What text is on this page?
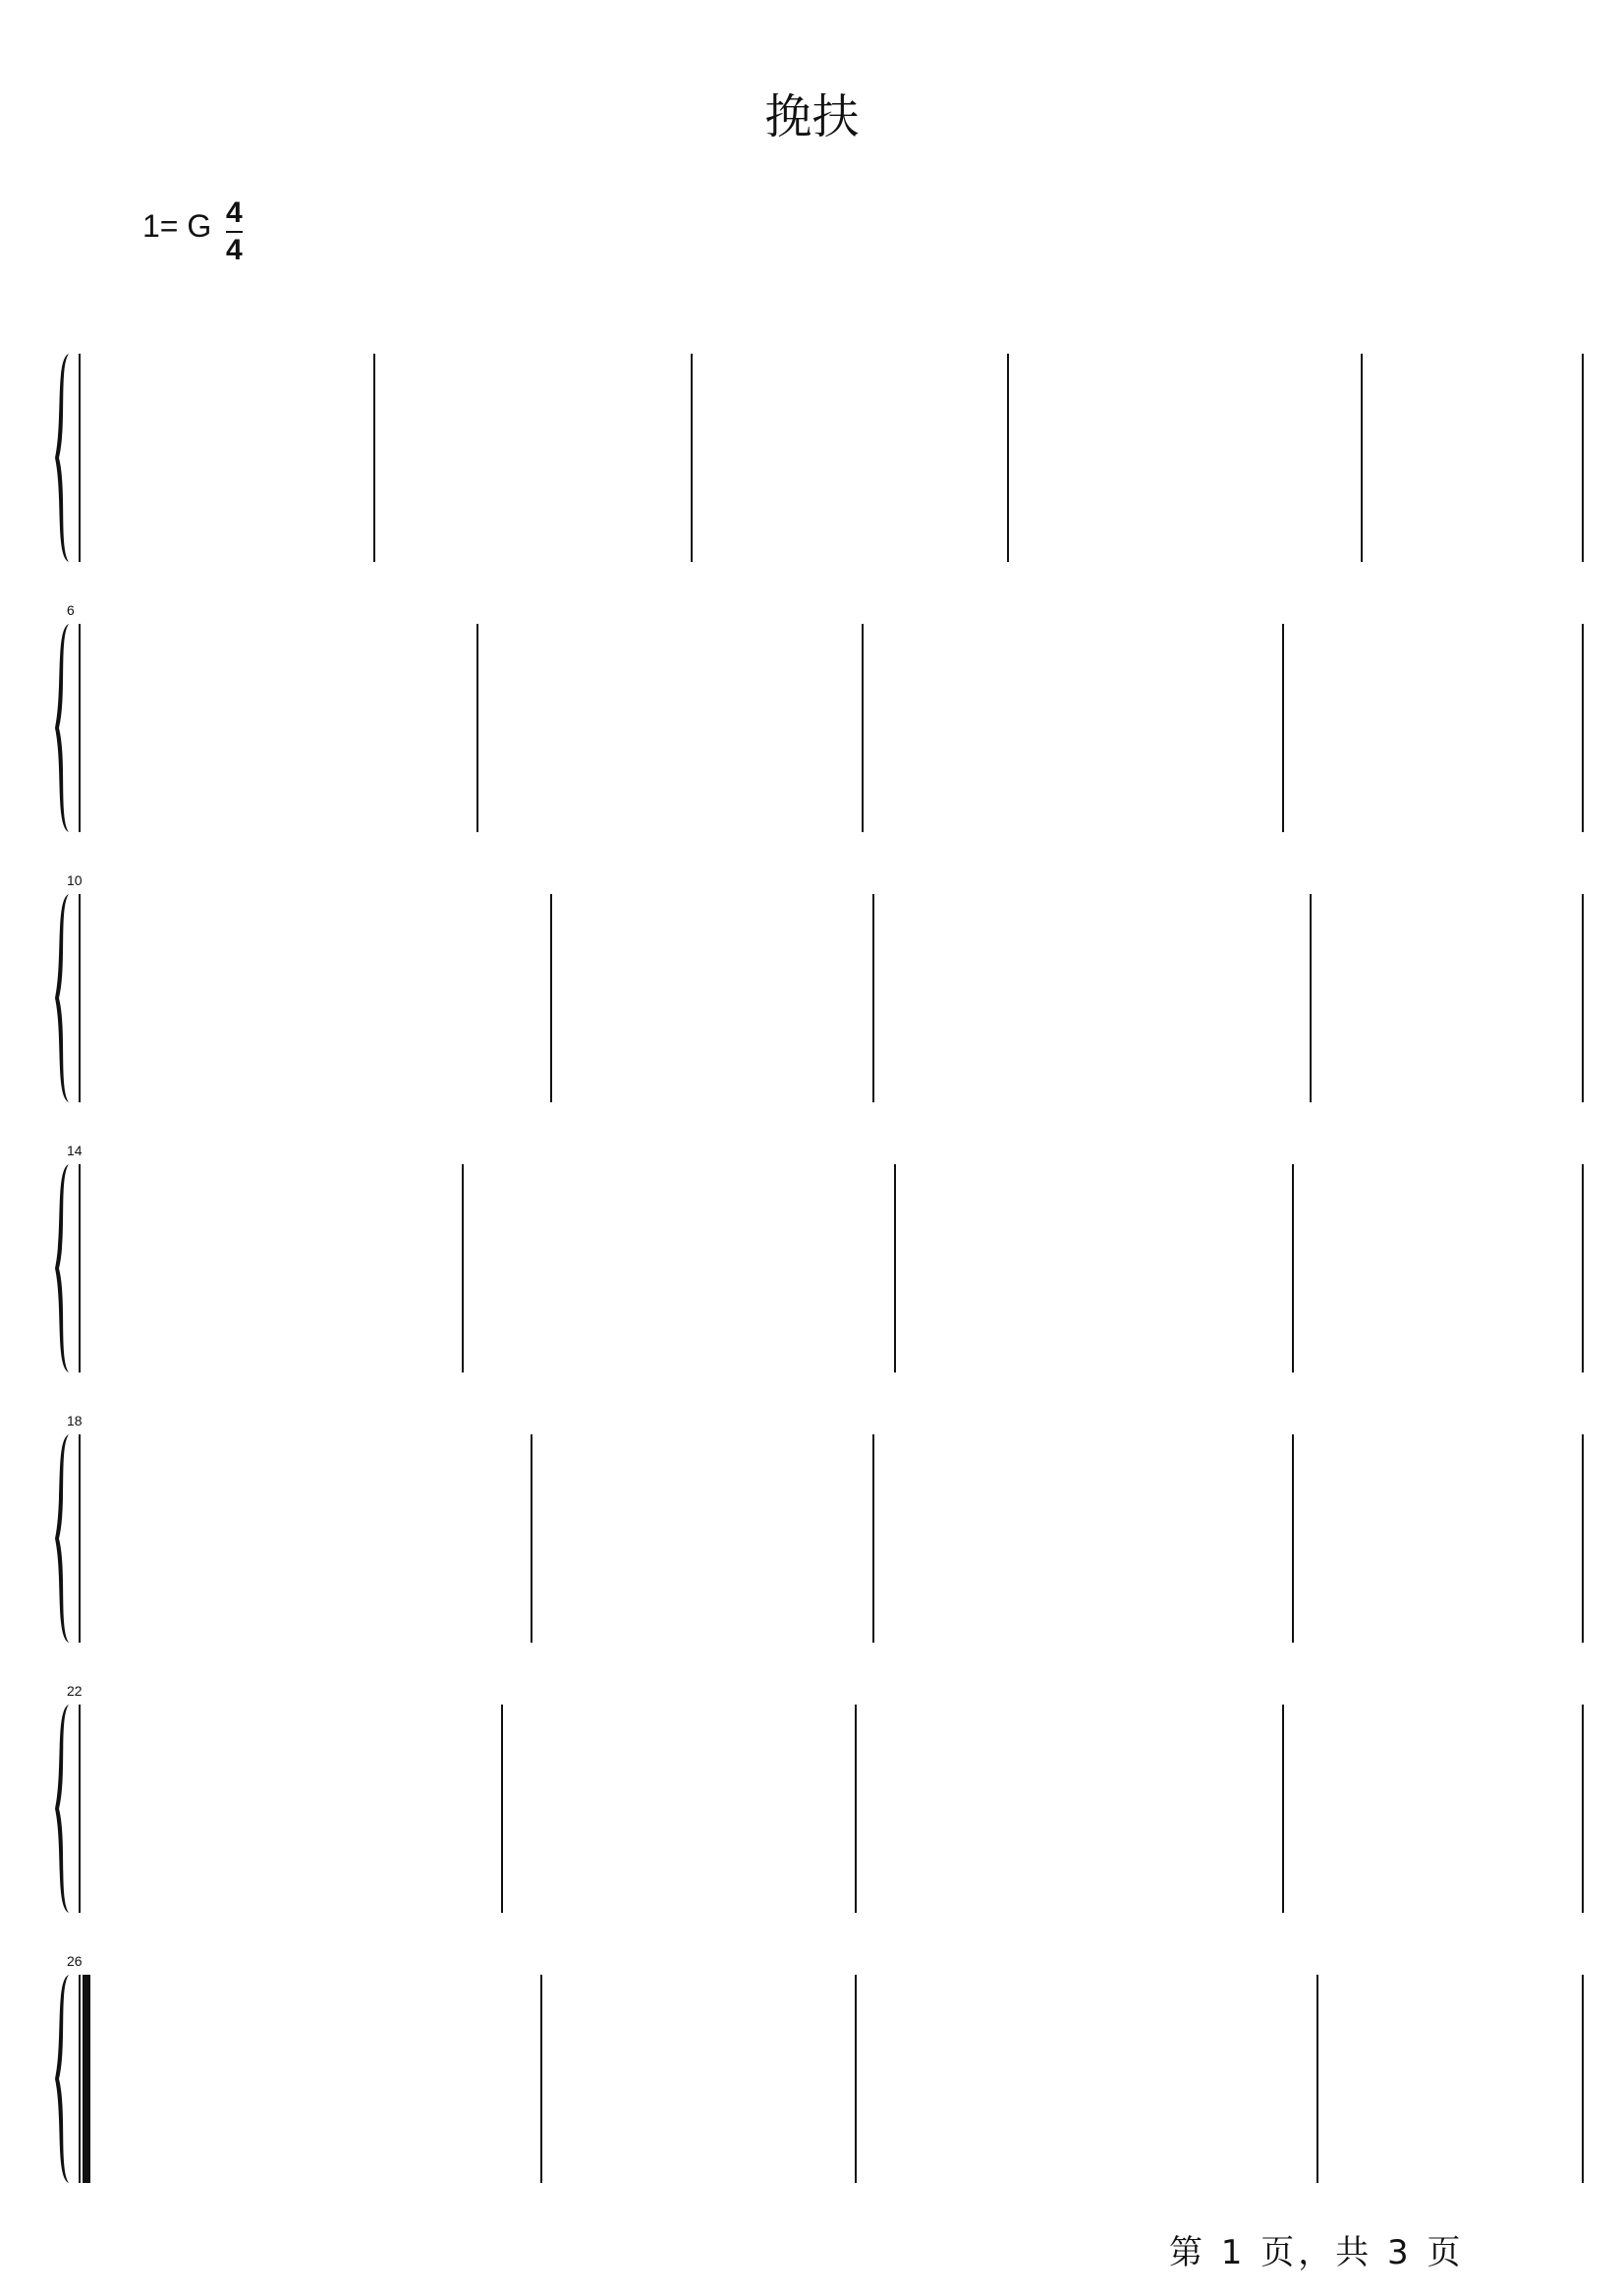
挽扶
1= G 4
4
6
10
14
18
22
26
第 1 页，共 3 页
